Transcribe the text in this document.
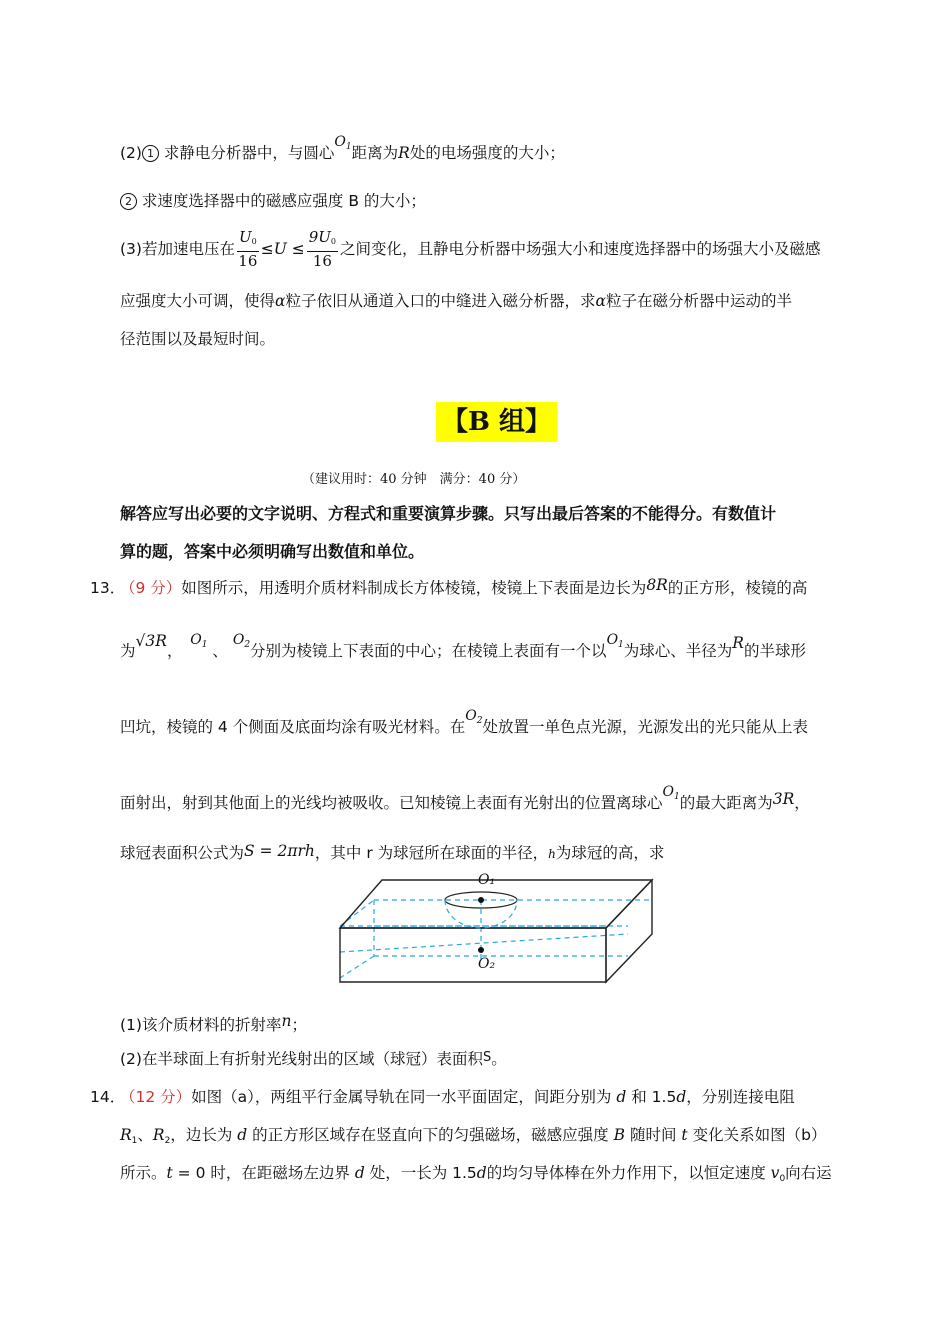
(2) 1 求静电分析器中，与圆心$O_1$距离为R处的电场强度的大小；
2 求速度选择器中的磁感应强度 B 的大小；
(3)若加速电压在 $\frac{U0}{16} \le U \le \frac{9U0}{16}$ 之间变化，且静电分析器中场强大小和速度选择器中的场强大小及磁感
应强度大小可调，使得α粒子依旧从通道入口的中缝进入磁分析器，求α粒子在磁分析器中运动的半
径范围以及最短时间。
【B 组】
（建议用时：40 分钟　满分：40 分）
解答应写出必要的文字说明、方程式和重要演算步骤。只写出最后答案的不能得分。有数值计
算的题，答案中必须明确写出数值和单位。
13．
（9 分）如图所示，用透明介质材料制成长方体棱镜，棱镜上下表面是边长为8R的正方形，棱镜的高
为√3R，　$O_1$ 、 $O_2$分别为棱镜上下表面的中心；在棱镜上表面有一个以$O_1$为球心、半径为R的半球形
凹坑，棱镜的 4 个侧面及底面均涂有吸光材料。在$O_2$处放置一单色点光源，光源发出的光只能从上表
面射出，射到其他面上的光线均被吸收。已知棱镜上表面有光射出的位置离球心$O_1$的最大距离为3R，
球冠表面积公式为S = 2πrh，其中 r 为球冠所在球面的半径，h为球冠的高，求
O₁
O₂
(1)该介质材料的折射率n；
(2)在半球面上有折射光线射出的区域（球冠）表面积S。
14．
（12 分）如图（a），两组平行金属导轨在同一水平面固定，间距分别为 d 和 1.5d，分别连接电阻
$R_1$、$R_2$，边长为 d 的正方形区域存在竖直向下的匀强磁场，磁感应强度 B 随时间 t 变化关系如图（b）
所示。t = 0 时，在距磁场左边界 d 处，一长为 1.5d的均匀导体棒在外力作用下，以恒定速度 $v_0$向右运
